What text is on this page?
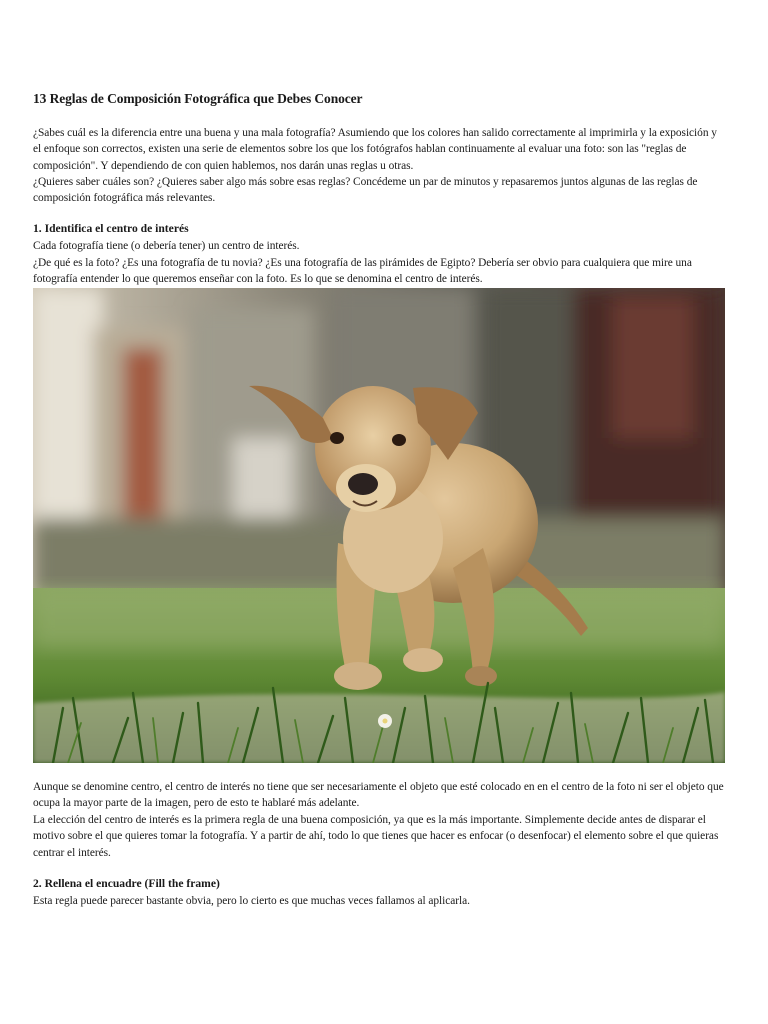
13 Reglas de Composición Fotográfica que Debes Conocer

¿Sabes cuál es la diferencia entre una buena y una mala fotografía? Asumiendo que los colores han salido correctamente al imprimirla y la exposición y el enfoque son correctos, existen una serie de elementos sobre los que los fotógrafos hablan continuamente al evaluar una foto: son las "reglas de composición". Y dependiendo de con quien hablemos, nos darán unas reglas u otras.

¿Quieres saber cuáles son? ¿Quieres saber algo más sobre esas reglas? Concédeme un par de minutos y repasaremos juntos algunas de las reglas de composición fotográfica más relevantes.

1. Identifica el centro de interés

Cada fotografía tiene (o debería tener) un centro de interés.

¿De qué es la foto? ¿Es una fotografía de tu novia? ¿Es una fotografía de las pirámides de Egipto? Debería ser obvio para cualquiera que mire una fotografía entender lo que queremos enseñar con la foto. Es lo que se denomina el centro de interés.

Aunque se denomine centro, el centro de interés no tiene que ser necesariamente el objeto que esté colocado en en el centro de la foto ni ser el objeto que ocupa la mayor parte de la imagen, pero de esto te hablaré más adelante.

La elección del centro de interés es la primera regla de una buena composición, ya que es la más importante. Simplemente decide antes de disparar el motivo sobre el que quieres tomar la fotografía. Y a partir de ahí, todo lo que tienes que hacer es enfocar (o desenfocar) el elemento sobre el que quieras centrar el interés.

2. Rellena el encuadre (Fill the frame)

Esta regla puede parecer bastante obvia, pero lo cierto es que muchas veces fallamos al aplicarla.
